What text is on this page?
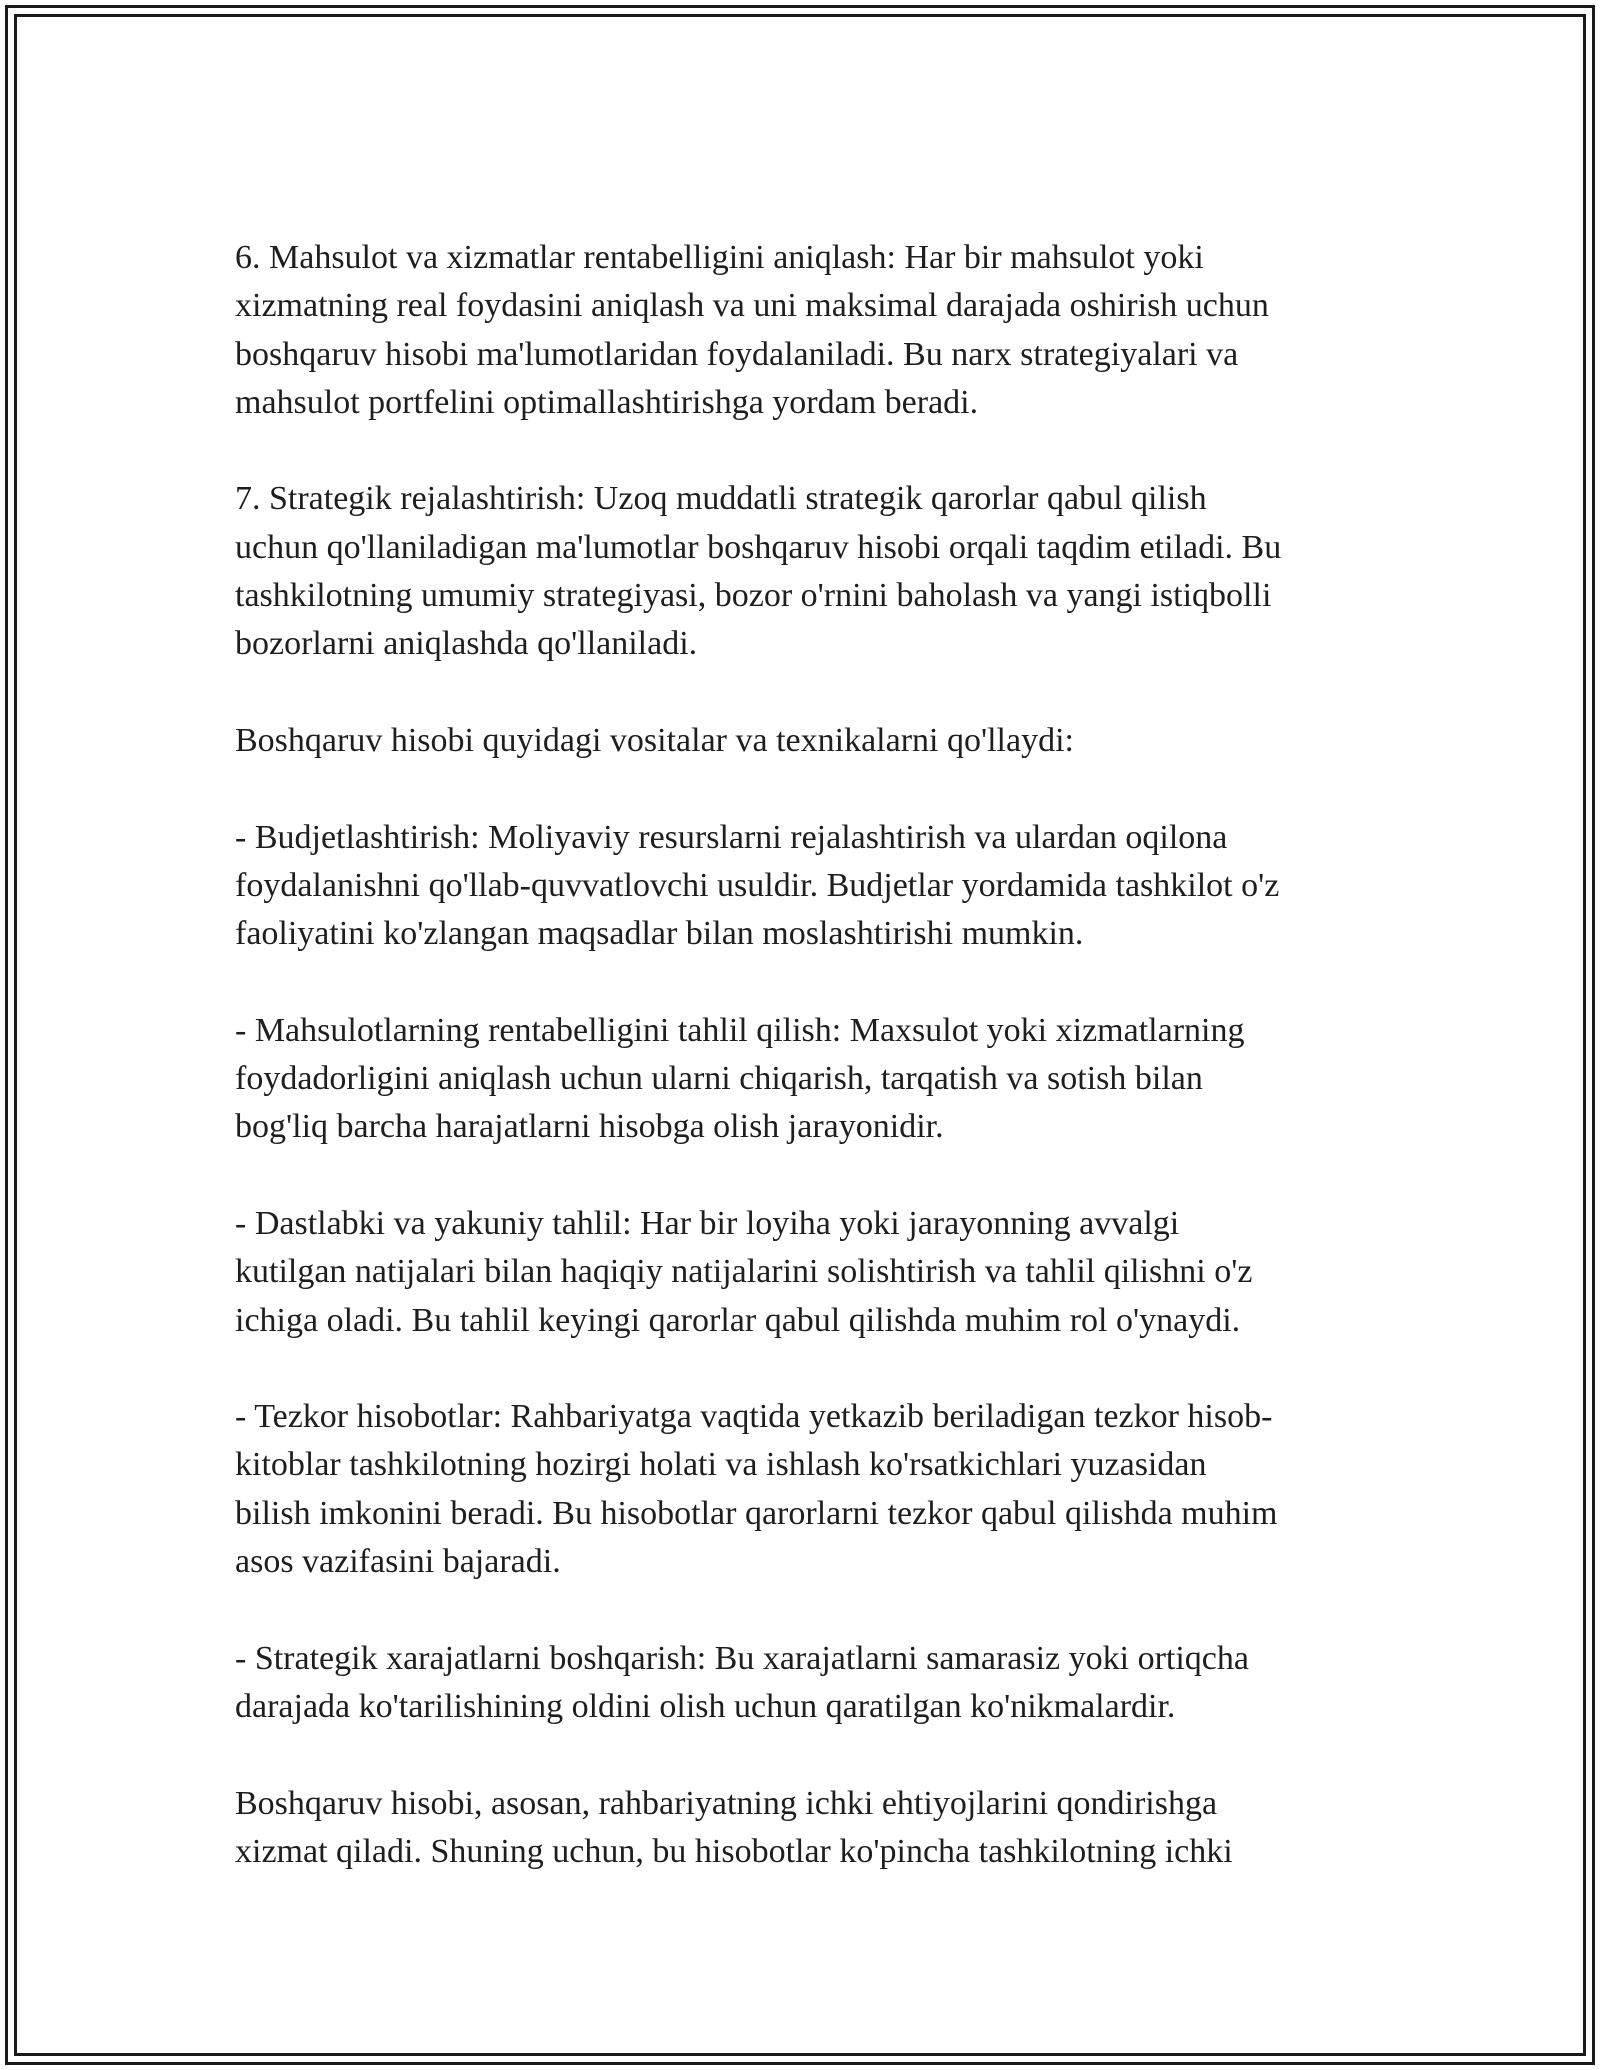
6. Mahsulot va xizmatlar rentabelligini aniqlash: Har bir mahsulot yoki
xizmatning real foydasini aniqlash va uni maksimal darajada oshirish uchun
boshqaruv hisobi ma'lumotlaridan foydalaniladi. Bu narx strategiyalari va
mahsulot portfelini optimallashtirishga yordam beradi.

7. Strategik rejalashtirish: Uzoq muddatli strategik qarorlar qabul qilish
uchun qo'llaniladigan ma'lumotlar boshqaruv hisobi orqali taqdim etiladi. Bu
tashkilotning umumiy strategiyasi, bozor o'rnini baholash va yangi istiqbolli
bozorlarni aniqlashda qo'llaniladi.

Boshqaruv hisobi quyidagi vositalar va texnikalarni qo'llaydi:

- Budjetlashtirish: Moliyaviy resurslarni rejalashtirish va ulardan oqilona
foydalanishni qo'llab-quvvatlovchi usuldir. Budjetlar yordamida tashkilot o'z
faoliyatini ko'zlangan maqsadlar bilan moslashtirishi mumkin.

- Mahsulotlarning rentabelligini tahlil qilish: Maxsulot yoki xizmatlarning
foydadorligini aniqlash uchun ularni chiqarish, tarqatish va sotish bilan
bog'liq barcha harajatlarni hisobga olish jarayonidir.

- Dastlabki va yakuniy tahlil: Har bir loyiha yoki jarayonning avvalgi
kutilgan natijalari bilan haqiqiy natijalarini solishtirish va tahlil qilishni o'z
ichiga oladi. Bu tahlil keyingi qarorlar qabul qilishda muhim rol o'ynaydi.

- Tezkor hisobotlar: Rahbariyatga vaqtida yetkazib beriladigan tezkor hisob-
kitoblar tashkilotning hozirgi holati va ishlash ko'rsatkichlari yuzasidan
bilish imkonini beradi. Bu hisobotlar qarorlarni tezkor qabul qilishda muhim
asos vazifasini bajaradi.

- Strategik xarajatlarni boshqarish: Bu xarajatlarni samarasiz yoki ortiqcha
darajada ko'tarilishining oldini olish uchun qaratilgan ko'nikmalardir.

Boshqaruv hisobi, asosan, rahbariyatning ichki ehtiyojlarini qondirishga
xizmat qiladi. Shuning uchun, bu hisobotlar ko'pincha tashkilotning ichki
